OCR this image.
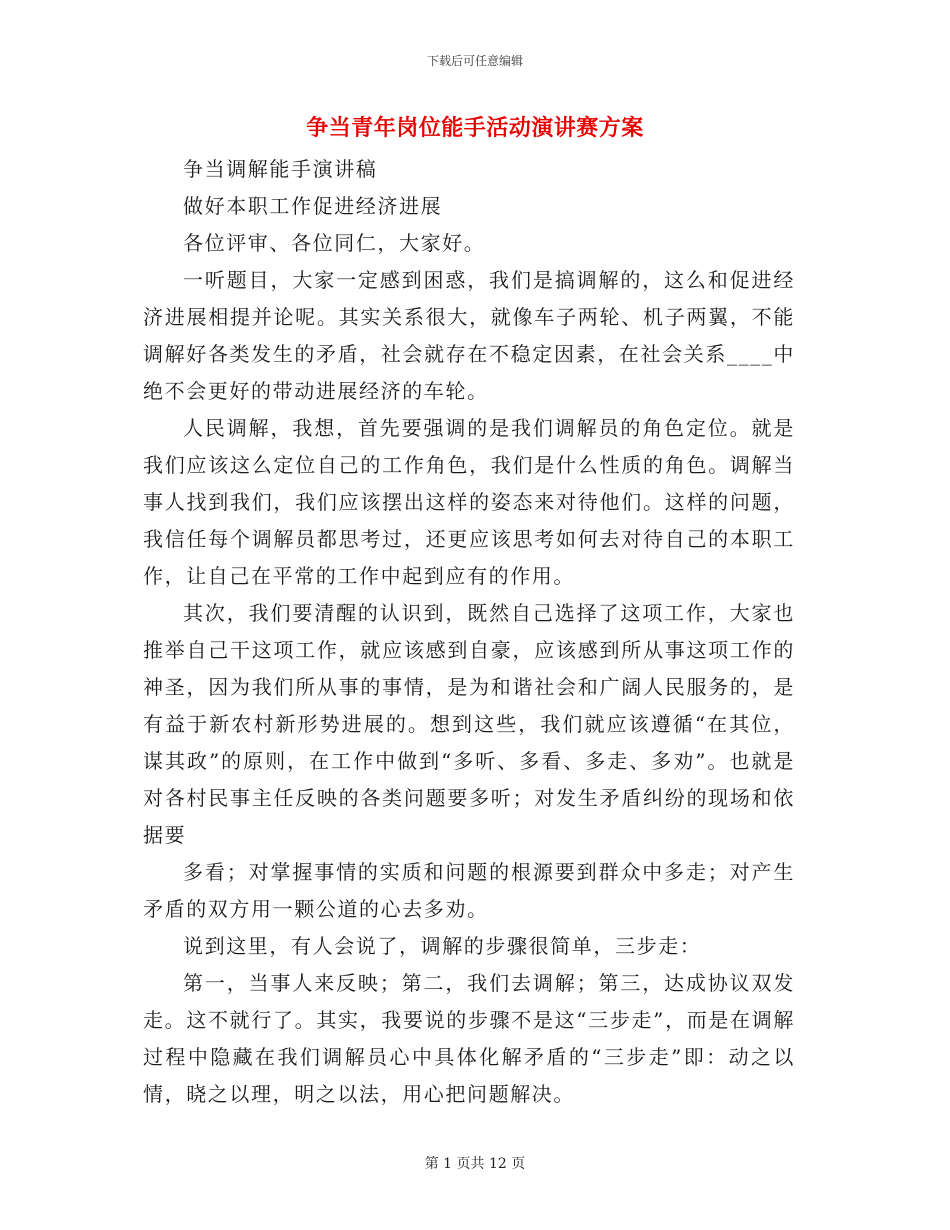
下载后可任意编辑
争当青年岗位能手活动演讲赛方案

争当调解能手演讲稿

做好本职工作促进经济进展

各位评审、各位同仁，大家好。

一听题目，大家一定感到困惑，我们是搞调解的，这么和促进经济进展相提并论呢。其实关系很大，就像车子两轮、机子两翼，不能调解好各类发生的矛盾，社会就存在不稳定因素，在社会关系____中绝不会更好的带动进展经济的车轮。

人民调解，我想，首先要强调的是我们调解员的角色定位。就是我们应该这么定位自己的工作角色，我们是什么性质的角色。调解当事人找到我们，我们应该摆出这样的姿态来对待他们。这样的问题，我信任每个调解员都思考过，还更应该思考如何去对待自己的本职工作，让自己在平常的工作中起到应有的作用。

其次，我们要清醒的认识到，既然自己选择了这项工作，大家也推举自己干这项工作，就应该感到自豪，应该感到所从事这项工作的神圣，因为我们所从事的事情，是为和谐社会和广阔人民服务的，是有益于新农村新形势进展的。想到这些，我们就应该遵循“在其位，谋其政”的原则，在工作中做到“多听、多看、多走、多劝”。也就是对各村民事主任反映的各类问题要多听；对发生矛盾纠纷的现场和依据要

多看；对掌握事情的实质和问题的根源要到群众中多走；对产生矛盾的双方用一颗公道的心去多劝。

说到这里，有人会说了，调解的步骤很简单，三步走：

第一，当事人来反映；第二，我们去调解；第三，达成协议双发走。这不就行了。其实，我要说的步骤不是这“三步走”，而是在调解过程中隐藏在我们调解员心中具体化解矛盾的“三步走”即：动之以情，晓之以理，明之以法，用心把问题解决。

第 1 页共 12 页
